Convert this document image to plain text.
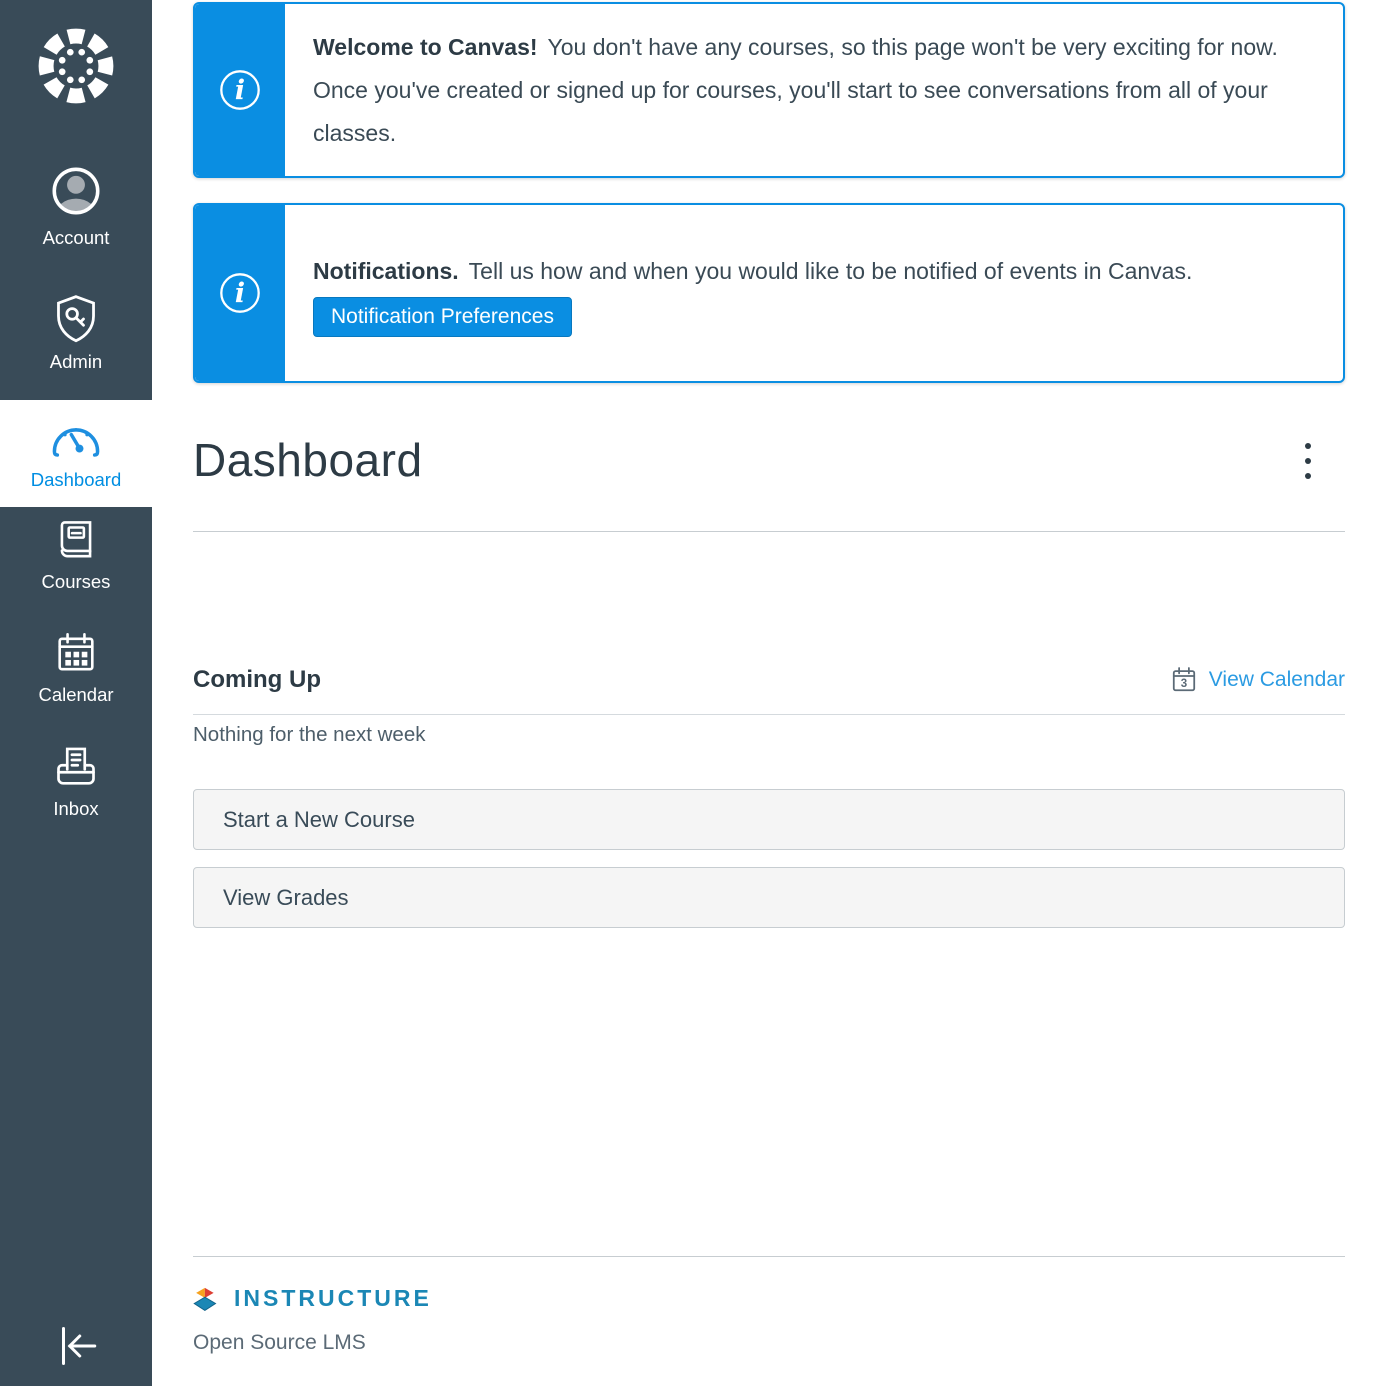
Account
Admin
Dashboard
Courses
Calendar
Inbox
i

Welcome to Canvas! You don't have any courses, so this page won't be very exciting for now. Once you've created or signed up for courses, you'll start to see conversations from all of your classes.

i

Notifications. Tell us how and when you would like to be notified of events in Canvas.

Notification Preferences
Dashboard
Coming Up	3 View Calendar

Nothing for the next week

Start a New Course
View Grades
INSTRUCTURE

Open Source LMS
